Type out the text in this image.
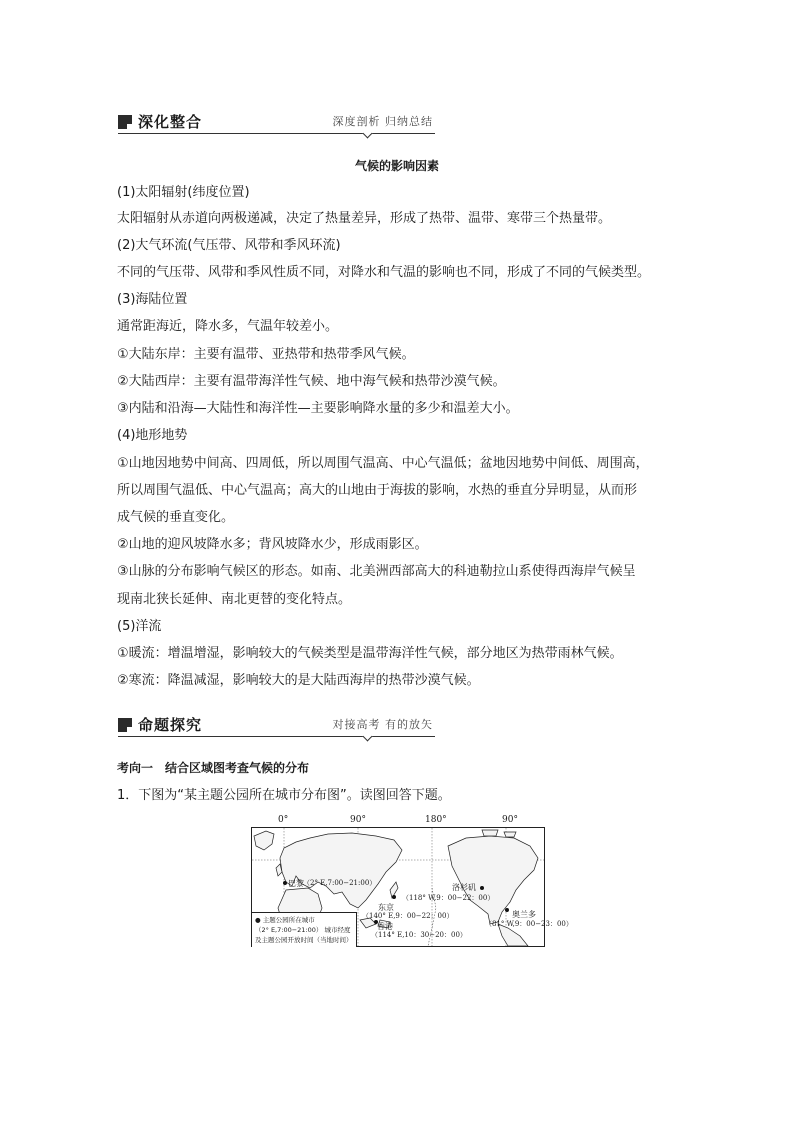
深化整合	深度剖析 归纳总结
气候的影响因素
(1)太阳辐射(纬度位置)
太阳辐射从赤道向两极递减，决定了热量差异，形成了热带、温带、寒带三个热量带。
(2)大气环流(气压带、风带和季风环流)
不同的气压带、风带和季风性质不同，对降水和气温的影响也不同，形成了不同的气候类型。
(3)海陆位置
通常距海近，降水多，气温年较差小。
①大陆东岸：主要有温带、亚热带和热带季风气候。
②大陆西岸：主要有温带海洋性气候、地中海气候和热带沙漠气候。
③内陆和沿海—大陆性和海洋性—主要影响降水量的多少和温差大小。
(4)地形地势
①山地因地势中间高、四周低，所以周围气温高、中心气温低；盆地因地势中间低、周围高，
所以周围气温低、中心气温高；高大的山地由于海拔的影响，水热的垂直分异明显，从而形
成气候的垂直变化。
②山地的迎风坡降水多；背风坡降水少，形成雨影区。
③山脉的分布影响气候区的形态。如南、北美洲西部高大的科迪勒拉山系使得西海岸气候呈
现南北狭长延伸、南北更替的变化特点。
(5)洋流
①暖流：增温增湿，影响较大的气候类型是温带海洋性气候，部分地区为热带雨林气候。
②寒流：降温减湿，影响较大的是大陆西海岸的热带沙漠气候。
命题探究	对接高考 有的放矢
考向一　结合区域图考查气候的分布
1．下图为“某主题公园所在城市分布图”。读图回答下题。
0°	90°	180°	90°
巴黎 （2° E,7:00−21:00）	洛杉矶
（118° W,9：00−22：00）
东京
（140° E,9：00−22：00）
香港
（114° E,10：30−20：00）
奥兰多
（81° W,9：00−23：00）
● 主题公园所在城市
（2° E,7:00−21:00） 城市经度
及主题公园开放时间（当地时间）
